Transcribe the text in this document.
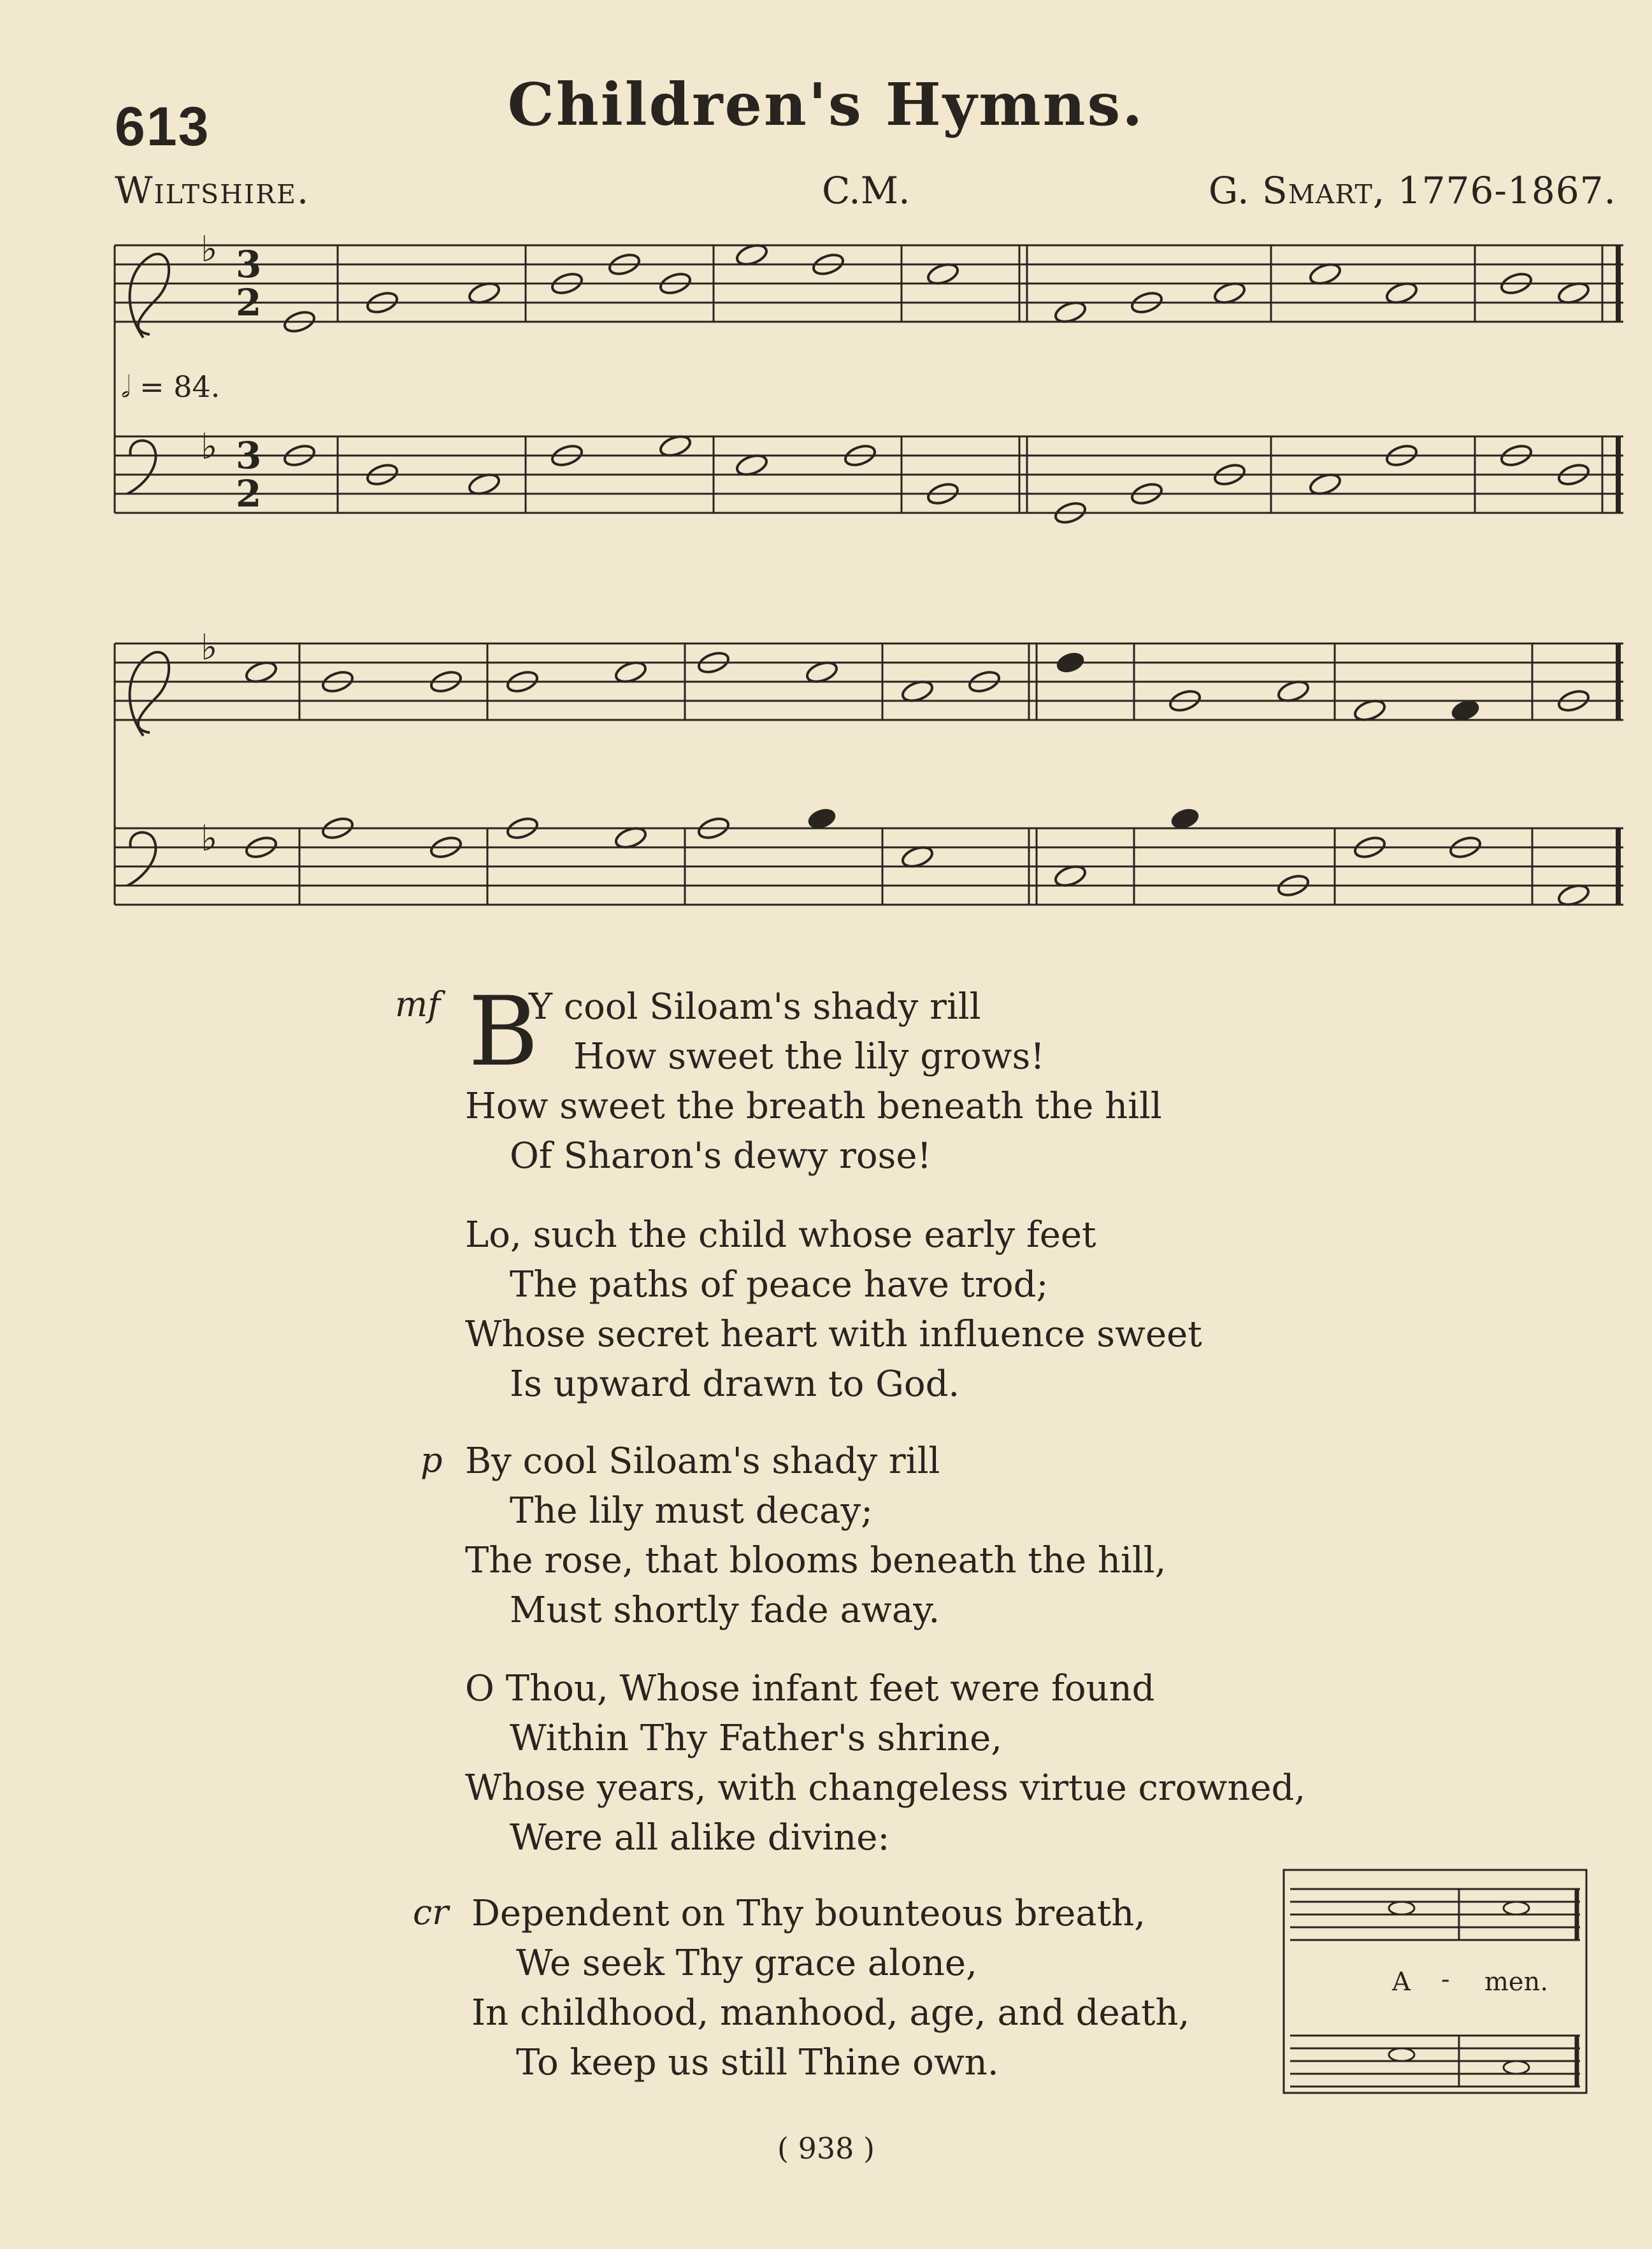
613	Children's Hymns.
Wiltshire.	C.M.	G. Smart, 1776-1867.
𝅗𝅥 = 84.
3
2
3
2
♭
♭
♭
♭
mf B
Y cool Siloam's shady rill
How sweet the lily grows!
How sweet the breath beneath the hill
Of Sharon's dewy rose!
Lo, such the child whose early feet
The paths of peace have trod;
Whose secret heart with influence sweet
Is upward drawn to God.
p By cool Siloam's shady rill
The lily must decay;
The rose, that blooms beneath the hill,
Must shortly fade away.
O Thou, Whose infant feet were found
Within Thy Father's shrine,
Whose years, with changeless virtue crowned,
Were all alike divine:
cr Dependent on Thy bounteous breath,
We seek Thy grace alone,
In childhood, manhood, age, and death,
To keep us still Thine own.
A - men.
( 938 )
